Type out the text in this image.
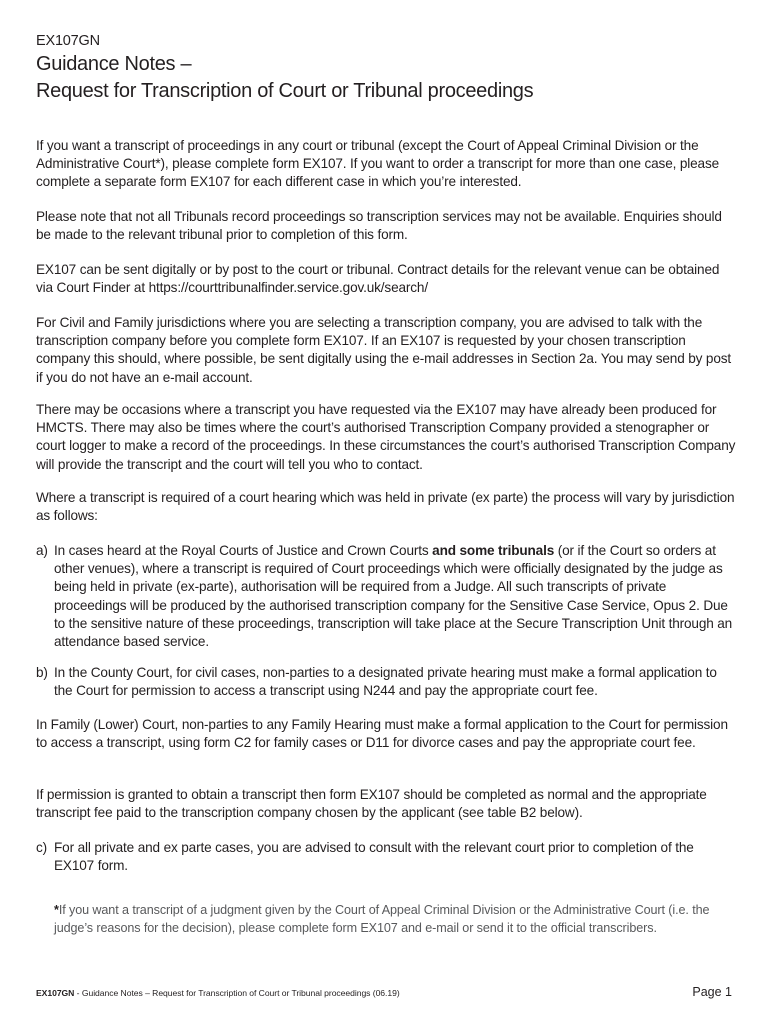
EX107GN
Guidance Notes –
Request for Transcription of Court or Tribunal proceedings
If you want a transcript of proceedings in any court or tribunal (except the Court of Appeal Criminal Division or the Administrative Court*), please complete form EX107. If you want to order a transcript for more than one case, please complete a separate form EX107 for each different case in which you’re interested.
Please note that not all Tribunals record proceedings so transcription services may not be available. Enquiries should be made to the relevant tribunal prior to completion of this form.
EX107 can be sent digitally or by post to the court or tribunal. Contract details for the relevant venue can be obtained via Court Finder at https://courttribunalfinder.service.gov.uk/search/
For Civil and Family jurisdictions where you are selecting a transcription company, you are advised to talk with the transcription company before you complete form EX107. If an EX107 is requested by your chosen transcription company this should, where possible, be sent digitally using the e-mail addresses in Section 2a. You may send by post if you do not have an e-mail account.
There may be occasions where a transcript you have requested via the EX107 may have already been produced for HMCTS. There may also be times where the court’s authorised Transcription Company provided a stenographer or court logger to make a record of the proceedings. In these circumstances the court’s authorised Transcription Company will provide the transcript and the court will tell you who to contact.
Where a transcript is required of a court hearing which was held in private (ex parte) the process will vary by jurisdiction as follows:
a) In cases heard at the Royal Courts of Justice and Crown Courts and some tribunals (or if the Court so orders at other venues), where a transcript is required of Court proceedings which were officially designated by the judge as being held in private (ex-parte), authorisation will be required from a Judge. All such transcripts of private proceedings will be produced by the authorised transcription company for the Sensitive Case Service, Opus 2. Due to the sensitive nature of these proceedings, transcription will take place at the Secure Transcription Unit through an attendance based service.
b) In the County Court, for civil cases, non-parties to a designated private hearing must make a formal application to the Court for permission to access a transcript using N244 and pay the appropriate court fee.
In Family (Lower) Court, non-parties to any Family Hearing must make a formal application to the Court for permission to access a transcript, using form C2 for family cases or D11 for divorce cases and pay the appropriate court fee.
If permission is granted to obtain a transcript then form EX107 should be completed as normal and the appropriate transcript fee paid to the transcription company chosen by the applicant (see table B2 below).
c) For all private and ex parte cases, you are advised to consult with the relevant court prior to completion of the EX107 form.
*If you want a transcript of a judgment given by the Court of Appeal Criminal Division or the Administrative Court (i.e. the judge’s reasons for the decision), please complete form EX107 and e-mail or send it to the official transcribers.
EX107GN - Guidance Notes – Request for Transcription of Court or Tribunal proceedings (06.19)	Page 1
